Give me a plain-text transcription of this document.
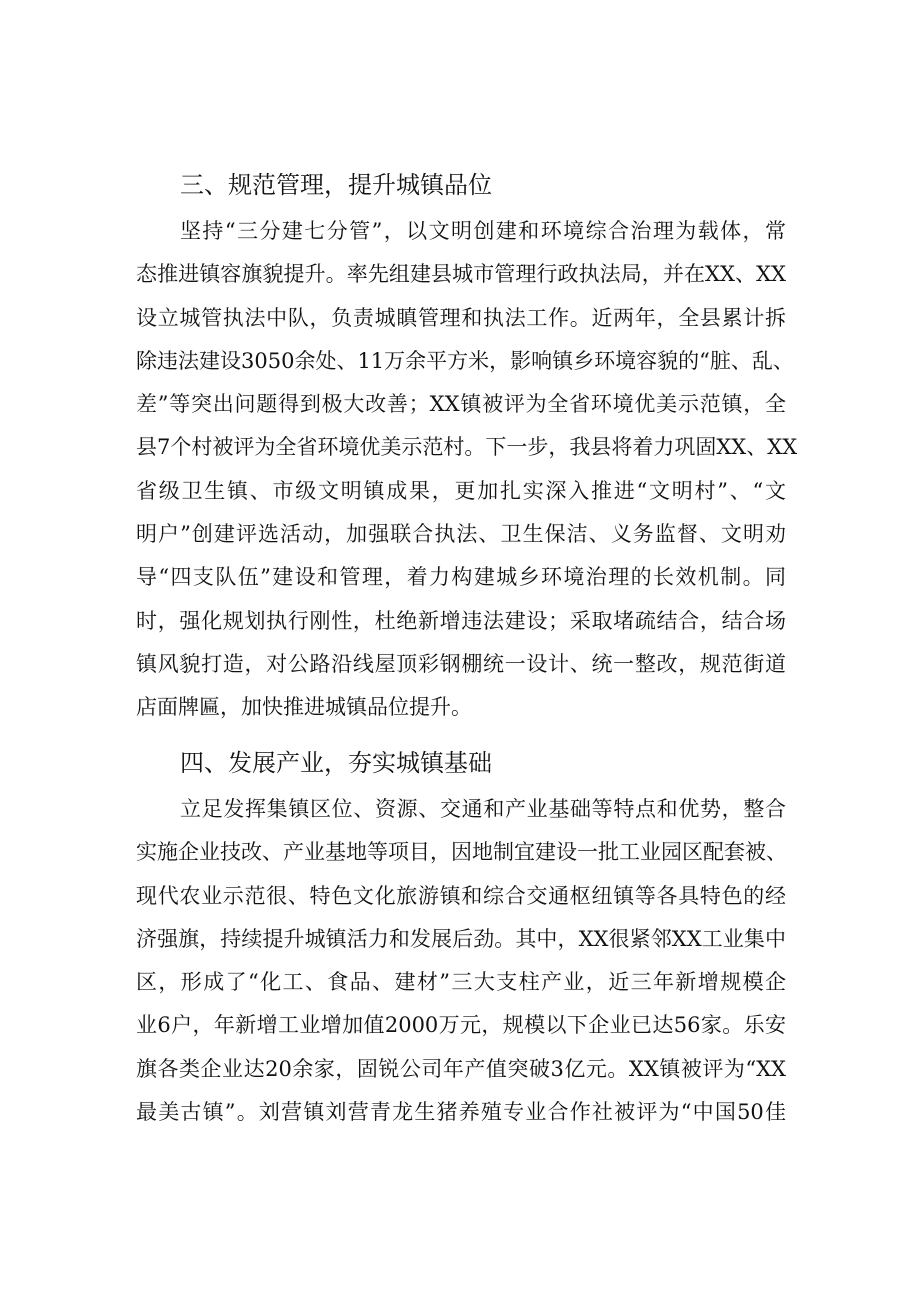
三、规范管理，提升城镇品位
坚持“三分建七分管”，以文明创建和环境综合治理为载体，常
态推进镇容旗貌提升。率先组建县城市管理行政执法局，并在XX、XX
设立城管执法中队，负责城瞋管理和执法工作。近两年，全县累计拆
除违法建设3050余处、11万余平方米，影响镇乡环境容貌的“脏、乱、
差”等突出问题得到极大改善；XX镇被评为全省环境优美示范镇，全
县7个村被评为全省环境优美示范村。下一步，我县将着力巩固XX、XX
省级卫生镇、市级文明镇成果，更加扎实深入推进“文明村”、“文
明户”创建评选活动，加强联合执法、卫生保洁、义务监督、文明劝
导“四支队伍”建设和管理，着力构建城乡环境治理的长效机制。同
时，强化规划执行刚性，杜绝新增违法建设；采取堵疏结合，结合场
镇风貌打造，对公路沿线屋顶彩钢棚统一设计、统一整改，规范街道
店面牌匾，加快推进城镇品位提升。
四、发展产业，夯实城镇基础
立足发挥集镇区位、资源、交通和产业基础等特点和优势，整合
实施企业技改、产业基地等项目，因地制宜建设一批工业园区配套被、
现代农业示范很、特色文化旅游镇和综合交通枢纽镇等各具特色的经
济强旗，持续提升城镇活力和发展后劲。其中，XX很紧邻XX工业集中
区，形成了“化工、食品、建材”三大支柱产业，近三年新增规模企
业6户，年新增工业增加值2000万元，规模以下企业已达56家。乐安
旗各类企业达20余家，固锐公司年产值突破3亿元。XX镇被评为“XX
最美古镇”。刘营镇刘营青龙生猪养殖专业合作社被评为“中国50佳
